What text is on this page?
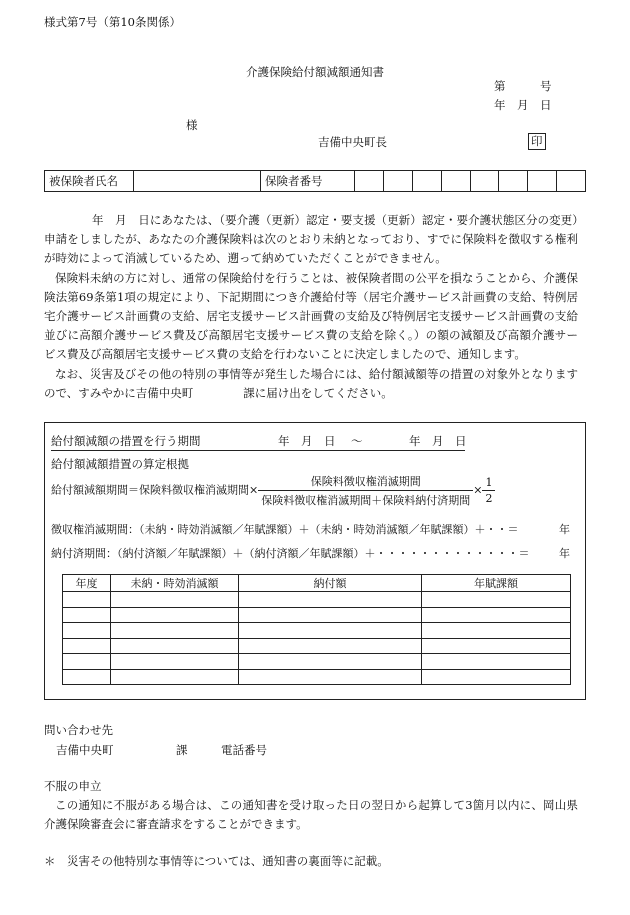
様式第7号（第10条関係）
介護保険給付額減額通知書
第　　　号
年　月　日
様
吉備中央町長	印
被保険者氏名		保険者番号								

年　月　日にあなたは、（要介護（更新）認定・要支援（更新）認定・要介護状態区分の変更）申請をしましたが、あなたの介護保険料は次のとおり未納となっており、すでに保険料を徴収する権利が時効によって消滅しているため、遡って納めていただくことができません。

保険料未納の方に対し、通常の保険給付を行うことは、被保険者間の公平を損なうことから、介護保険法第69条第1項の規定により、下記期間につき介護給付等（居宅介護サービス計画費の支給、特例居宅介護サービス計画費の支給、居宅支援サービス計画費の支給及び特例居宅支援サービス計画費の支給並びに高額介護サービス費及び高額居宅支援サービス費の支給を除く。）の額の減額及び高額介護サービス費及び高額居宅支援サービス費の支給を行わないことに決定しましたので、通知します。

なお、災害及びその他の特別の事情等が発生した場合には、給付額減額等の措置の対象外となりますので、すみやかに吉備中央町	課に届け出をしてください。

給付額減額の措置を行う期間	年　月　日 ～	年　月　日
給付額減額措置の算定根拠
給付額減額期間＝保険料徴収権消滅期間× $\frac{\text{保険料徴収権消滅期間}}{\text{保険料徴収権消滅期間＋保険料納付済期間}} \times \frac{1}{2}$
徴収権消滅期間：（未納・時効消滅額／年賦課額）＋（未納・時効消滅額／年賦課額）＋・・＝	年
納付済期間：（納付済額／年賦課額）＋（納付済額／年賦課額）＋・・・・・・・・・・・・・＝	年
年度	未納・時効消滅額	納付額	年賦課額

問い合わせ先
吉備中央町	課	電話番号
不服の申立
この通知に不服がある場合は、この通知書を受け取った日の翌日から起算して3箇月以内に、岡山県介護保険審査会に審査請求をすることができます。
＊　災害その他特別な事情等については、通知書の裏面等に記載。
